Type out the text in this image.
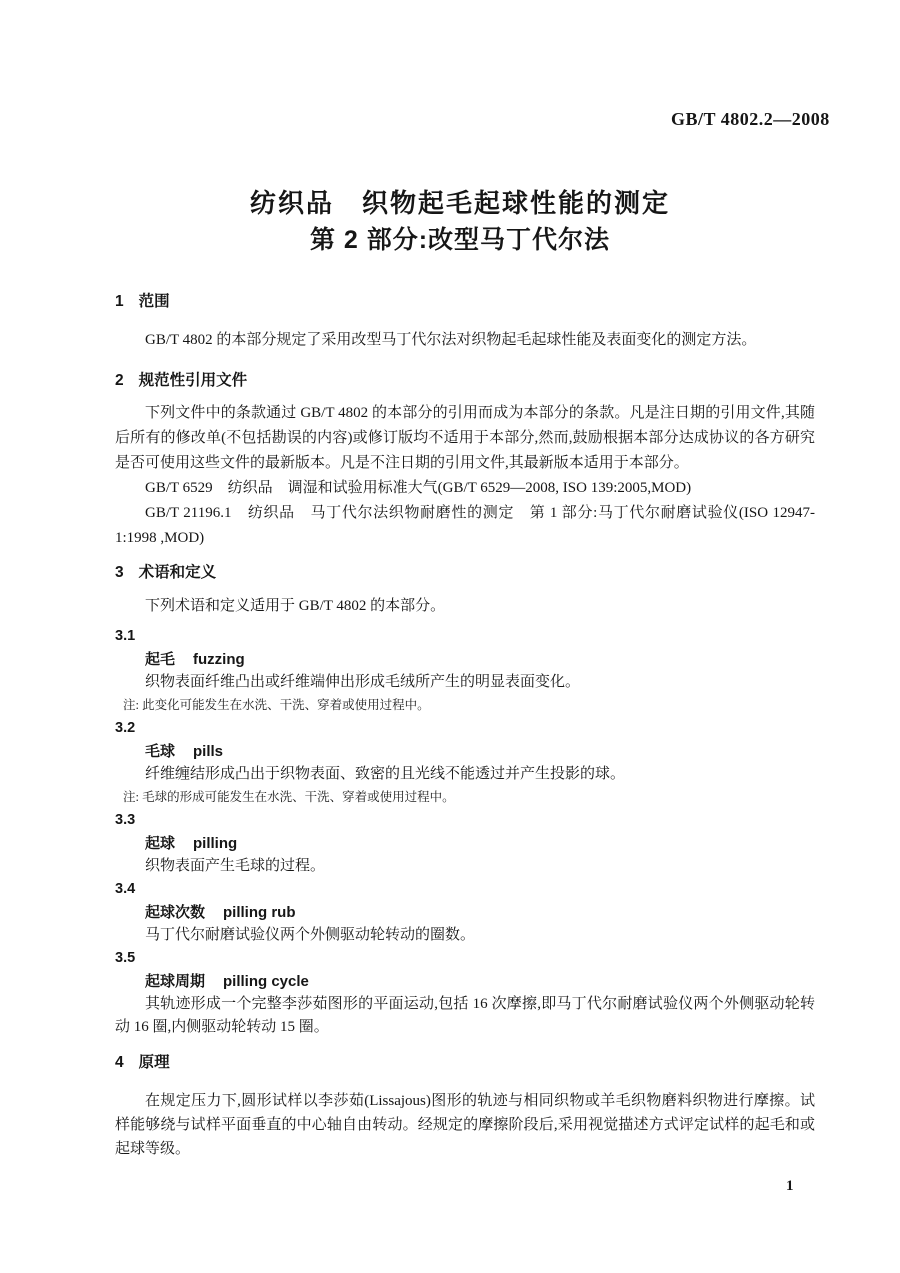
GB/T 4802.2—2008
纺织品　织物起毛起球性能的测定
第 2 部分:改型马丁代尔法
1 范围

GB/T 4802 的本部分规定了采用改型马丁代尔法对织物起毛起球性能及表面变化的测定方法。

2 规范性引用文件

下列文件中的条款通过 GB/T 4802 的本部分的引用而成为本部分的条款。凡是注日期的引用文件,其随后所有的修改单(不包括勘误的内容)或修订版均不适用于本部分,然而,鼓励根据本部分达成协议的各方研究是否可使用这些文件的最新版本。凡是不注日期的引用文件,其最新版本适用于本部分。

GB/T 6529　纺织品　调湿和试验用标准大气(GB/T 6529—2008, ISO 139:2005,MOD)

GB/T 21196.1　纺织品　马丁代尔法织物耐磨性的测定　第 1 部分:马丁代尔耐磨试验仪(ISO 12947-1:1998 ,MOD)

3 术语和定义

下列术语和定义适用于 GB/T 4802 的本部分。

3.1
起毛 fuzzing

织物表面纤维凸出或纤维端伸出形成毛绒所产生的明显表面变化。

注: 此变化可能发生在水洗、干洗、穿着或使用过程中。
3.2
毛球 pills

纤维缠结形成凸出于织物表面、致密的且光线不能透过并产生投影的球。

注: 毛球的形成可能发生在水洗、干洗、穿着或使用过程中。
3.3
起球 pilling

织物表面产生毛球的过程。

3.4
起球次数 pilling rub

马丁代尔耐磨试验仪两个外侧驱动轮转动的圈数。

3.5
起球周期 pilling cycle

其轨迹形成一个完整李莎茹图形的平面运动,包括 16 次摩擦,即马丁代尔耐磨试验仪两个外侧驱动轮转动 16 圈,内侧驱动轮转动 15 圈。

4 原理

在规定压力下,圆形试样以李莎茹(Lissajous)图形的轨迹与相同织物或羊毛织物磨料织物进行摩擦。试样能够绕与试样平面垂直的中心轴自由转动。经规定的摩擦阶段后,采用视觉描述方式评定试样的起毛和或起球等级。

1
